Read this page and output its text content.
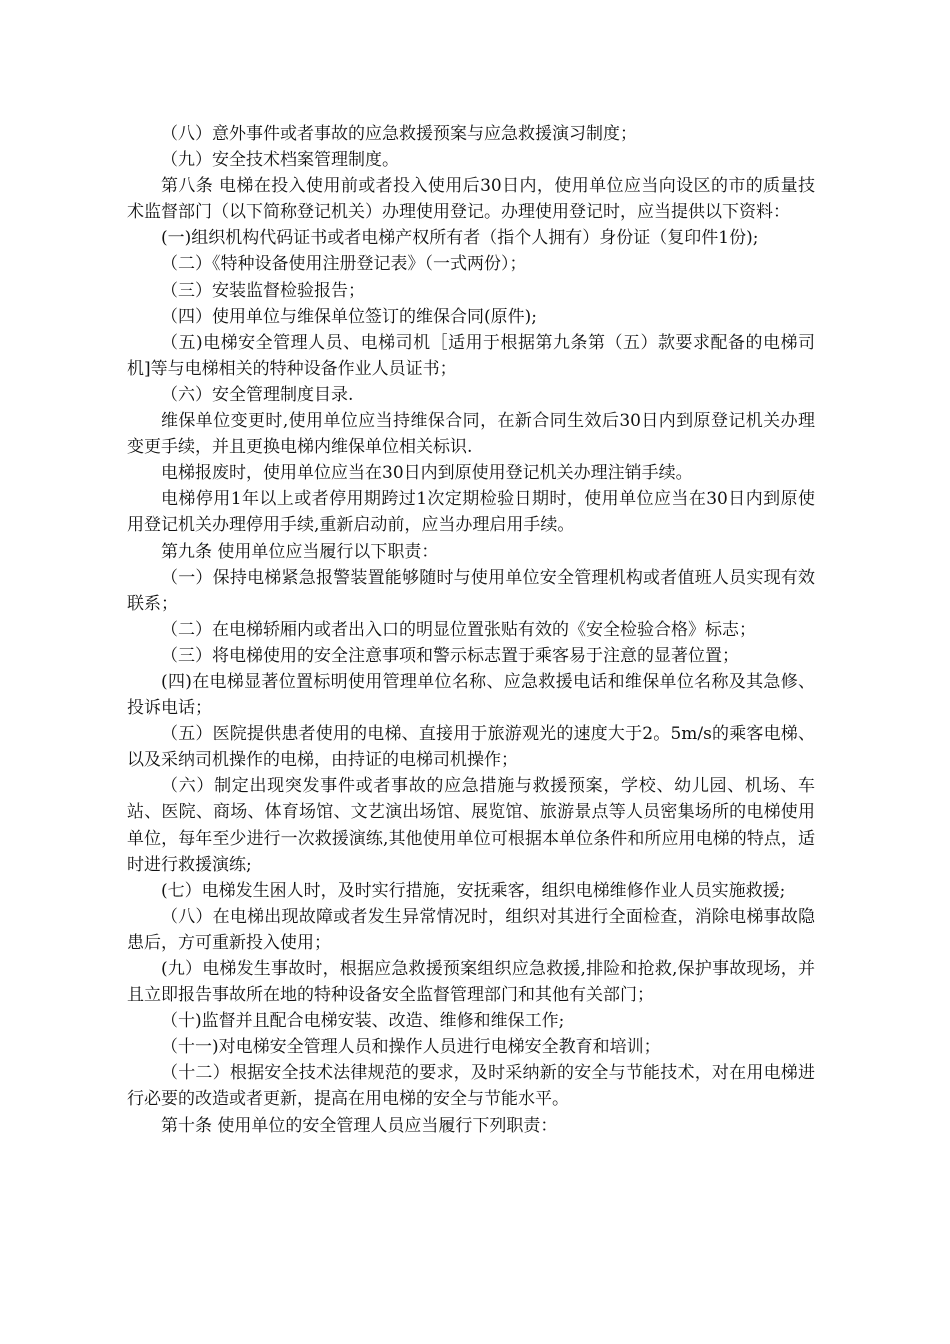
（八）意外事件或者事故的应急救援预案与应急救援演习制度；

（九）安全技术档案管理制度。

第八条 电梯在投入使用前或者投入使用后30日内，使用单位应当向设区的市的质量技术监督部门（以下简称登记机关）办理使用登记。办理使用登记时，应当提供以下资料：

(一)组织机构代码证书或者电梯产权所有者（指个人拥有）身份证（复印件1份);

（二）《特种设备使用注册登记表》（一式两份）；

（三）安装监督检验报告；

（四）使用单位与维保单位签订的维保合同(原件);

（五)电梯安全管理人员、电梯司机［适用于根据第九条第（五）款要求配备的电梯司机]等与电梯相关的特种设备作业人员证书；

（六）安全管理制度目录.

维保单位变更时,使用单位应当持维保合同，在新合同生效后30日内到原登记机关办理变更手续，并且更换电梯内维保单位相关标识.

电梯报废时，使用单位应当在30日内到原使用登记机关办理注销手续。

电梯停用1年以上或者停用期跨过1次定期检验日期时，使用单位应当在30日内到原使用登记机关办理停用手续,重新启动前，应当办理启用手续。

第九条 使用单位应当履行以下职责：

（一）保持电梯紧急报警装置能够随时与使用单位安全管理机构或者值班人员实现有效联系；

（二）在电梯轿厢内或者出入口的明显位置张贴有效的《安全检验合格》标志；

（三）将电梯使用的安全注意事项和警示标志置于乘客易于注意的显著位置；

(四)在电梯显著位置标明使用管理单位名称、应急救援电话和维保单位名称及其急修、投诉电话；

（五）医院提供患者使用的电梯、直接用于旅游观光的速度大于2。5m/s的乘客电梯、以及采纳司机操作的电梯，由持证的电梯司机操作；

（六）制定出现突发事件或者事故的应急措施与救援预案，学校、幼儿园、机场、车站、医院、商场、体育场馆、文艺演出场馆、展览馆、旅游景点等人员密集场所的电梯使用单位，每年至少进行一次救援演练,其他使用单位可根据本单位条件和所应用电梯的特点，适时进行救援演练;

(七）电梯发生困人时，及时实行措施，安抚乘客，组织电梯维修作业人员实施救援;

（八）在电梯出现故障或者发生异常情况时，组织对其进行全面检查，消除电梯事故隐患后，方可重新投入使用；

(九）电梯发生事故时，根据应急救援预案组织应急救援,排险和抢救,保护事故现场，并且立即报告事故所在地的特种设备安全监督管理部门和其他有关部门；

（十)监督并且配合电梯安装、改造、维修和维保工作;

（十一)对电梯安全管理人员和操作人员进行电梯安全教育和培训；

（十二）根据安全技术法律规范的要求，及时采纳新的安全与节能技术，对在用电梯进行必要的改造或者更新，提高在用电梯的安全与节能水平。

第十条 使用单位的安全管理人员应当履行下列职责：
